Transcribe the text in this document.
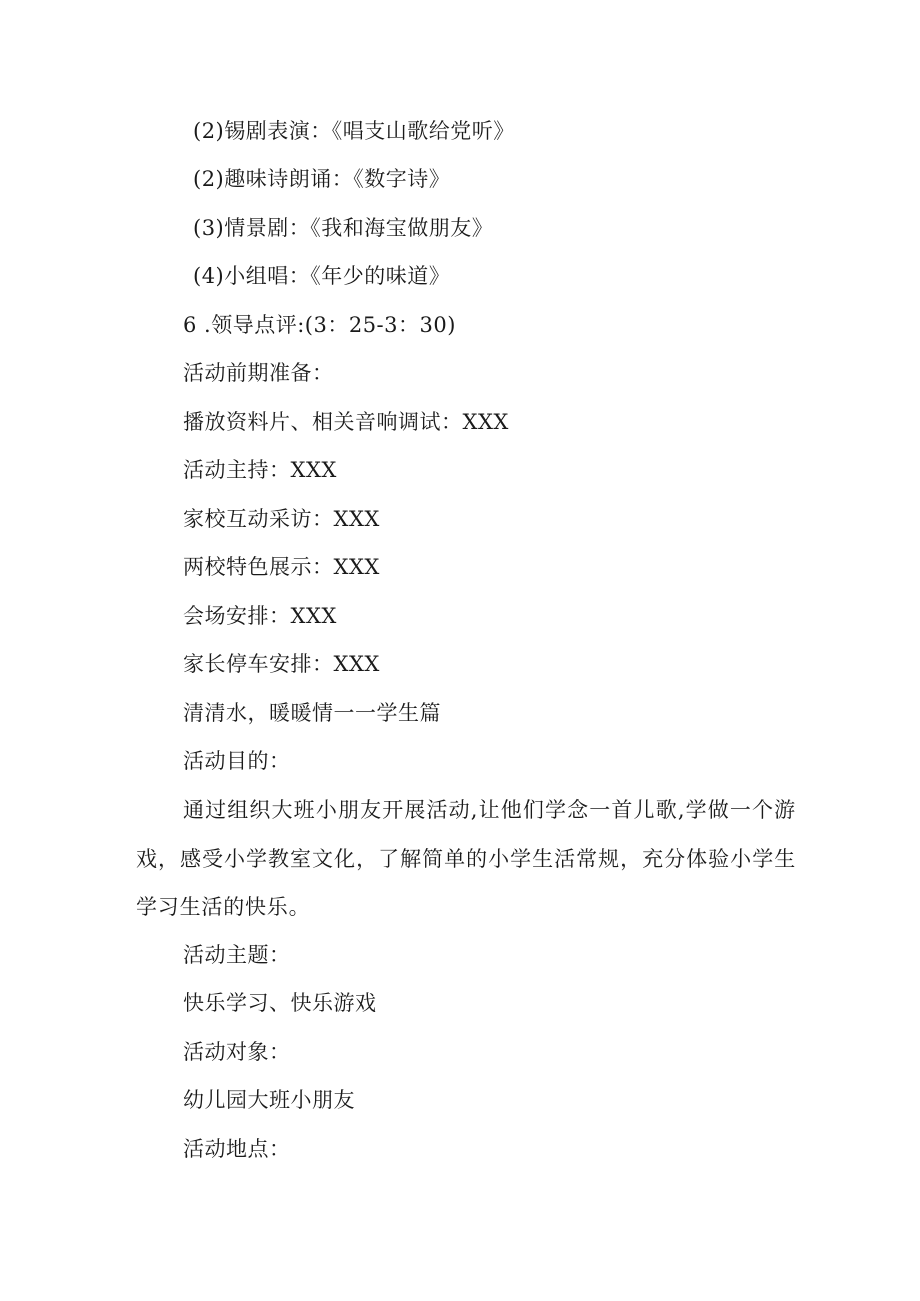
(2)锡剧表演：《唱支山歌给党听》
(2)趣味诗朗诵：《数字诗》
(3)情景剧：《我和海宝做朋友》
(4)小组唱：《年少的味道》
6 .领导点评:(3：25-3：30)
活动前期准备：
播放资料片、相关音响调试：XXX
活动主持：XXX
家校互动采访：XXX
两校特色展示：XXX
会场安排：XXX
家长停车安排：XXX
清清水，暖暖情一一学生篇
活动目的：
通过组织大班小朋友开展活动,让他们学念一首儿歌,学做一个游戏，感受小学教室文化，了解简单的小学生活常规，充分体验小学生学习生活的快乐。
活动主题：
快乐学习、快乐游戏
活动对象：
幼儿园大班小朋友
活动地点：
